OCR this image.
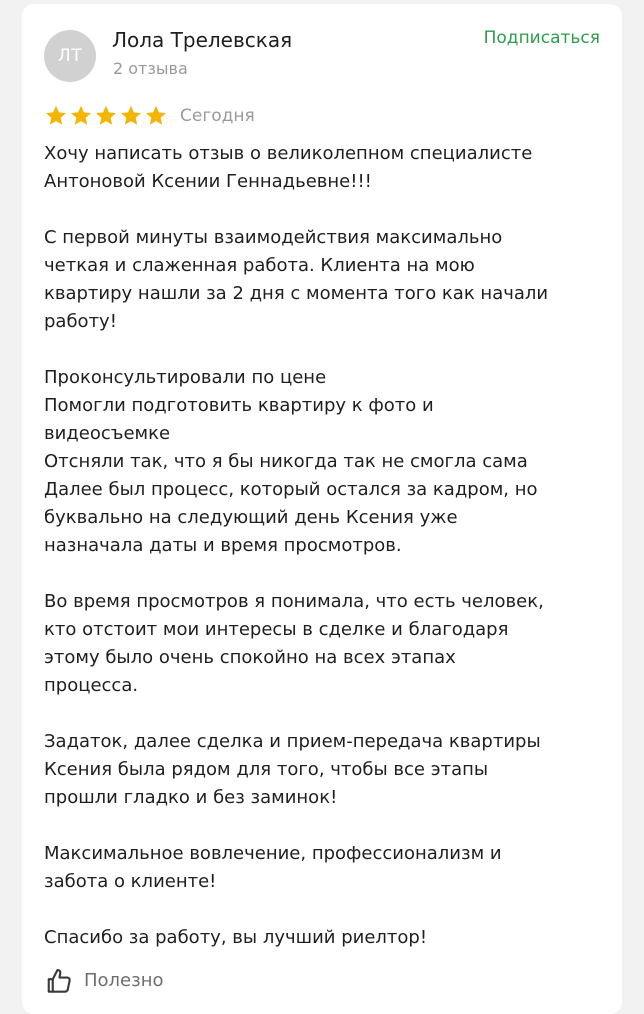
ЛТ
Лола Трелевская
2 отзыва
Подписаться
Сегодня

Хочу написать отзыв о великолепном специалисте
Антоновой Ксении Геннадьевне!!!

С первой минуты взаимодействия максимально
четкая и слаженная работа. Клиента на мою
квартиру нашли за 2 дня с момента того как начали
работу!

Проконсультировали по цене
Помогли подготовить квартиру к фото и
видеосъемке
Отсняли так, что я бы никогда так не смогла сама
Далее был процесс, который остался за кадром, но
буквально на следующий день Ксения уже
назначала даты и время просмотров.

Во время просмотров я понимала, что есть человек,
кто отстоит мои интересы в сделке и благодаря
этому было очень спокойно на всех этапах
процесса.

Задаток, далее сделка и прием-передача квартиры
Ксения была рядом для того, чтобы все этапы
прошли гладко и без заминок!

Максимальное вовлечение, профессионализм и
забота о клиенте!

Спасибо за работу, вы лучший риелтор!

Полезно
